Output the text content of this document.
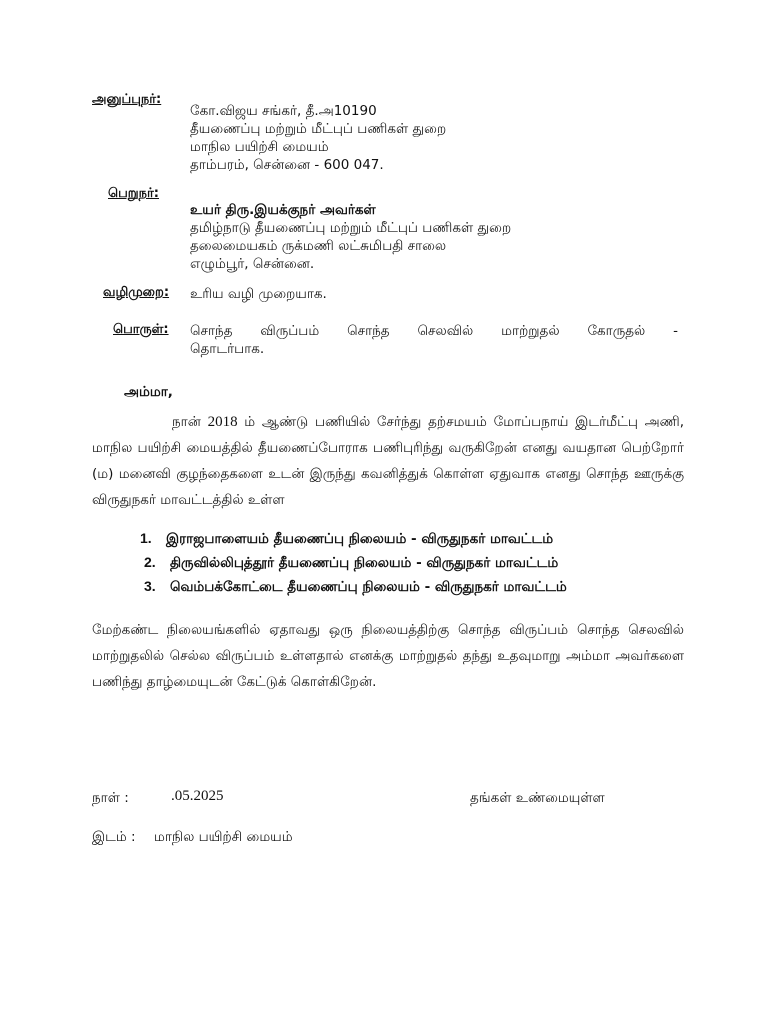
அனுப்புநர்:
கோ.விஜய சங்கர், தீ.அ10190
தீயணைப்பு மற்றும் மீட்புப் பணிகள் துறை
மாநில பயிற்சி மையம்
தாம்பரம், சென்னை - 600 047.
பெறுநர்:
உயர் திரு.இயக்குநர் அவர்கள்
தமிழ்நாடு தீயணைப்பு மற்றும் மீட்புப் பணிகள் துறை
தலைமையகம் ருக்மணி லட்சுமிபதி சாலை
எழும்பூர், சென்னை.
வழிமுறை: உரிய வழி முறையாக.
பொருள்: சொந்த விருப்பம் சொந்த செலவில் மாற்றுதல் கோருதல் -
தொடர்பாக.
அம்மா,
நான் 2018 ம் ஆண்டு பணியில் சேர்ந்து தற்சமயம் மோப்பநாய் இடர்மீட்பு அணி, மாநில பயிற்சி மையத்தில் தீயணைப்போராக பணிபுரிந்து வருகிறேன் எனது வயதான பெற்றோர் (ம) மனைவி குழந்தைகளை உடன் இருந்து கவனித்துக் கொள்ள ஏதுவாக எனது சொந்த ஊருக்கு விருதுநகர் மாவட்டத்தில் உள்ள
1. இராஜபாளையம் தீயணைப்பு நிலையம் - விருதுநகர் மாவட்டம்
2. திருவில்லிபுத்தூர் தீயணைப்பு நிலையம் - விருதுநகர் மாவட்டம்
3. வெம்பக்கோட்டை தீயணைப்பு நிலையம் - விருதுநகர் மாவட்டம்
மேற்கண்ட நிலையங்களில் ஏதாவது ஒரு நிலையத்திற்கு சொந்த விருப்பம் சொந்த செலவில் மாற்றுதலில் செல்ல விருப்பம் உள்ளதால் எனக்கு மாற்றுதல் தந்து உதவுமாறு அம்மா அவர்களை பணிந்து தாழ்மையுடன் கேட்டுக் கொள்கிறேன்.
நாள் :	.05.2025	தங்கள் உண்மையுள்ள
இடம் : மாநில பயிற்சி மையம்
